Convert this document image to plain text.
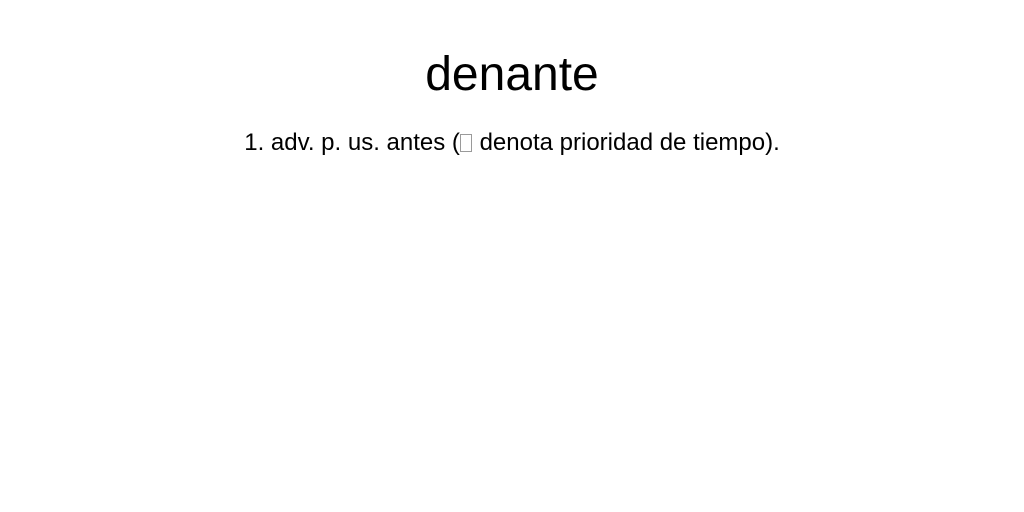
denante

1. adv. p. us. antes ( denota prioridad de tiempo).
